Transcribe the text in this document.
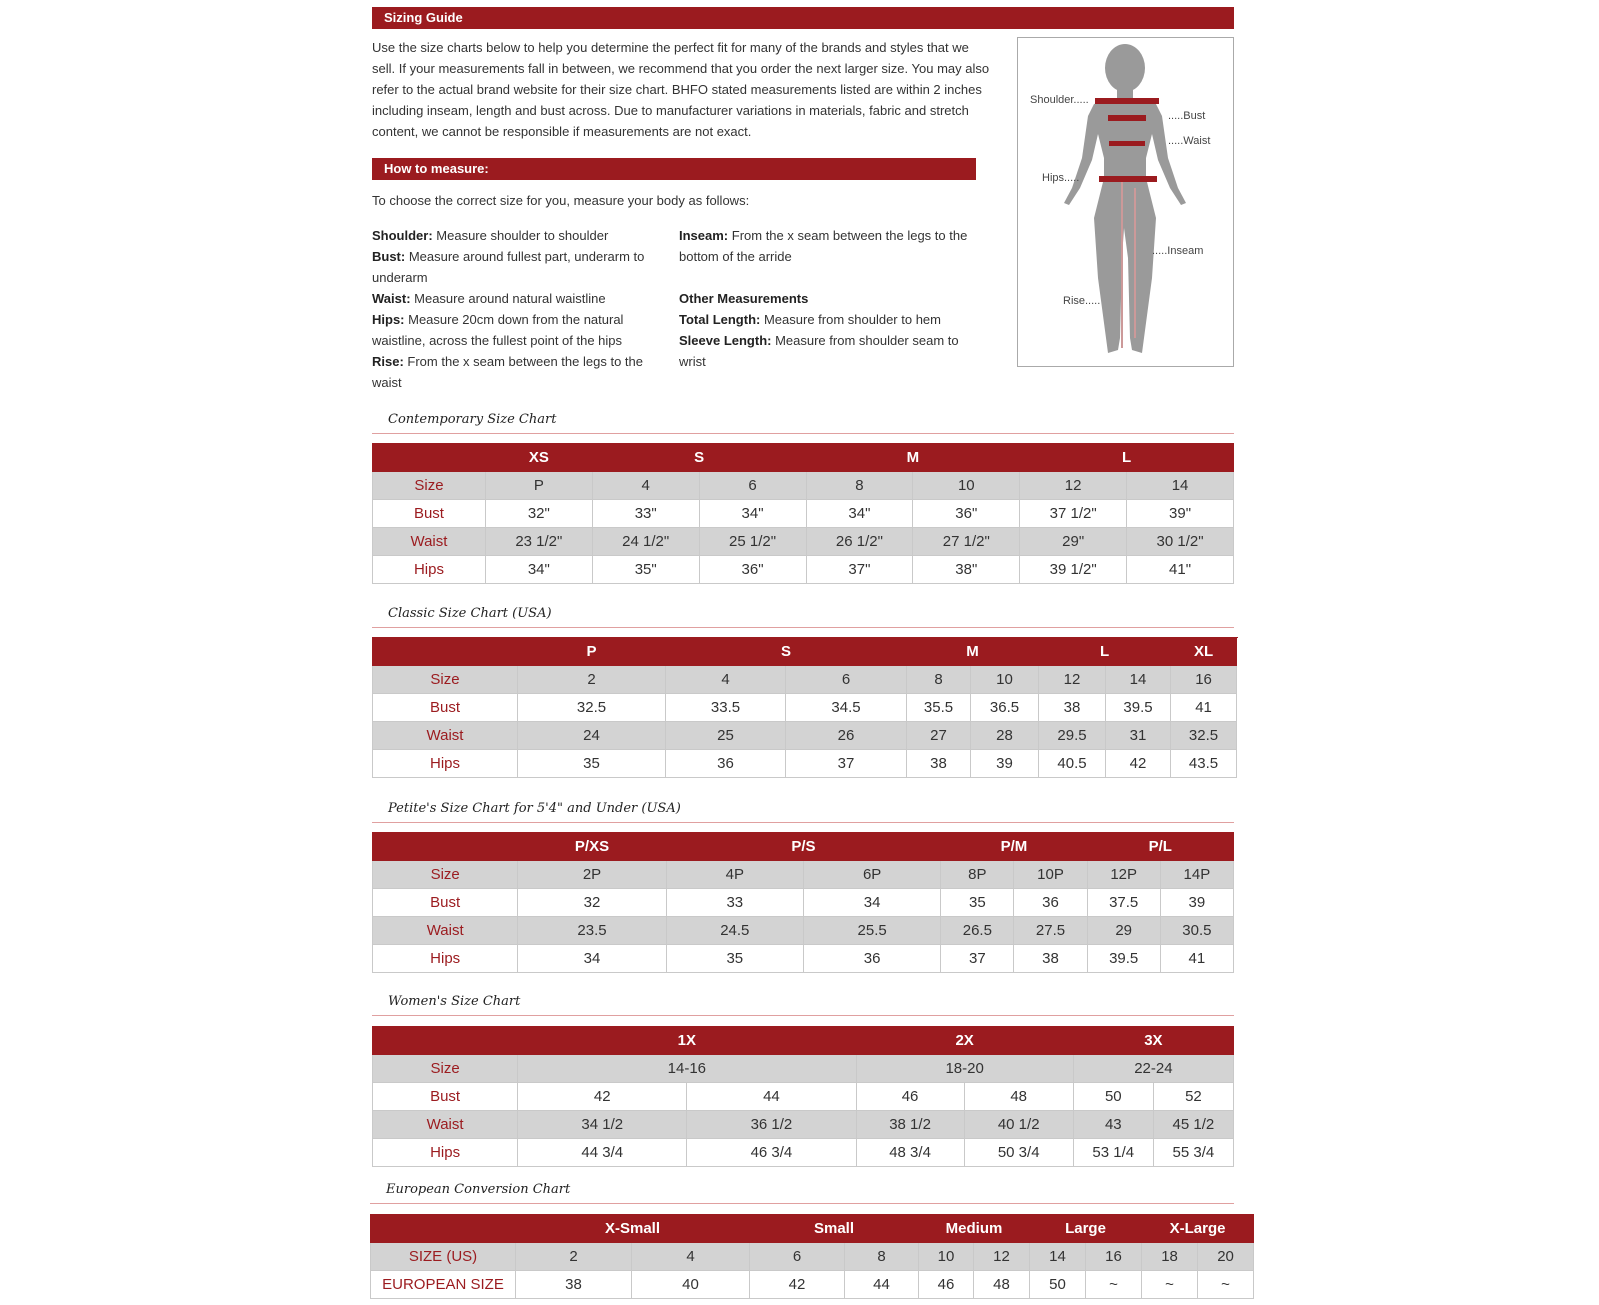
Sizing Guide
Use the size charts below to help you determine the perfect fit for many of the brands and styles that we sell. If your measurements fall in between, we recommend that you order the next larger size. You may also refer to the actual brand website for their size chart. BHFO stated measurements listed are within 2 inches including inseam, length and bust across. Due to manufacturer variations in materials, fabric and stretch content, we cannot be responsible if measurements are not exact.
How to measure:
To choose the correct size for you, measure your body as follows:

Shoulder: Measure shoulder to shoulder

Bust: Measure around fullest part, underarm to underarm

Waist: Measure around natural waistline

Hips: Measure 20cm down from the natural waistline, across the fullest point of the hips

Rise: From the x seam between the legs to the waist

Inseam: From the x seam between the legs to the bottom of the arride

Other Measurements

Total Length: Measure from shoulder to hem

Sleeve Length: Measure from shoulder seam to wrist

Shoulder.....
.....Bust
.....Waist
Hips.....
.....Inseam
Rise.....
Contemporary Size Chart
	XS	S		M		L	
Size	P	4	6	8	10	12	14
Bust	32"	33"	34"	34"	36"	37 1/2"	39"
Waist	23 1/2"	24 1/2"	25 1/2"	26 1/2"	27 1/2"	29"	30 1/2"
Hips	34"	35"	36"	37"	38"	39 1/2"	41"
Classic Size Chart (USA)
	P	S		M		L		XL
Size	2	4	6	8	10	12	14	16
Bust	32.5	33.5	34.5	35.5	36.5	38	39.5	41
Waist	24	25	26	27	28	29.5	31	32.5
Hips	35	36	37	38	39	40.5	42	43.5
Petite's Size Chart for 5'4" and Under (USA)
	P/XS	P/S		P/M		P/L	
Size	2P	4P	6P	8P	10P	12P	14P
Bust	32	33	34	35	36	37.5	39
Waist	23.5	24.5	25.5	26.5	27.5	29	30.5
Hips	34	35	36	37	38	39.5	41
Women's Size Chart
	1X		2X		3X	
Size	14-16		18-20		22-24	
Bust	42	44	46	48	50	52
Waist	34 1/2	36 1/2	38 1/2	40 1/2	43	45 1/2
Hips	44 3/4	46 3/4	48 3/4	50 3/4	53 1/4	55 3/4
European Conversion Chart
	X-Small		Small		Medium		Large		X-Large	
SIZE (US)	2	4	6	8	10	12	14	16	18	20
EUROPEAN SIZE	38	40	42	44	46	48	50	~	~	~
